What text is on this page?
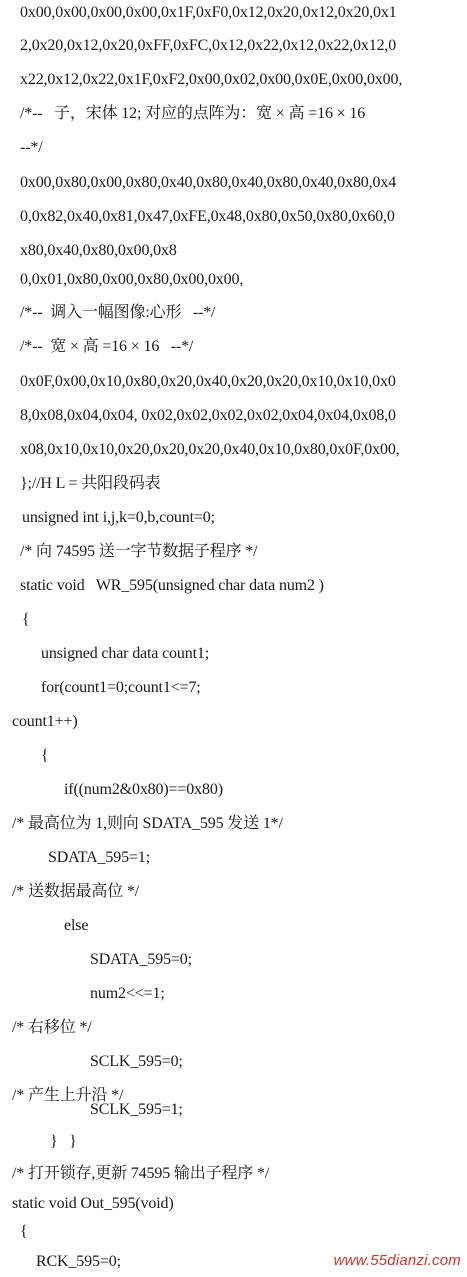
0x00,0x00,0x00,0x00,0x1F,0xF0,0x12,0x20,0x12,0x20,0x1
2,0x20,0x12,0x20,0xFF,0xFC,0x12,0x22,0x12,0x22,0x12,0
x22,0x12,0x22,0x1F,0xF2,0x00,0x02,0x00,0x0E,0x00,0x00,
/*--   子，宋体 12; 对应的点阵为：宽 × 高 =16 × 16
--*/
0x00,0x80,0x00,0x80,0x40,0x80,0x40,0x80,0x40,0x80,0x4
0,0x82,0x40,0x81,0x47,0xFE,0x48,0x80,0x50,0x80,0x60,0
x80,0x40,0x80,0x00,0x8
0,0x01,0x80,0x00,0x80,0x00,0x00,
/*--  调入一幅图像:心形   --*/
/*--  宽 × 高 =16 × 16   --*/
0x0F,0x00,0x10,0x80,0x20,0x40,0x20,0x20,0x10,0x10,0x0
8,0x08,0x04,0x04, 0x02,0x02,0x02,0x02,0x04,0x04,0x08,0
x08,0x10,0x10,0x20,0x20,0x20,0x40,0x10,0x80,0x0F,0x00,
};//H L = 共阳段码表
unsigned int i,j,k=0,b,count=0;
/* 向 74595 送一字节数据子程序 */
static void   WR_595(unsigned char data num2 )
{
unsigned char data count1;
for(count1=0;count1<=7;
count1++)
{
if((num2&0x80)==0x80)
/* 最高位为 1,则向 SDATA_595 发送 1*/
SDATA_595=1;
/* 送数据最高位 */
else
SDATA_595=0;
num2<<=1;
/* 右移位 */
SCLK_595=0;
/* 产生上升沿 */
SCLK_595=1;
}   }
/* 打开锁存,更新 74595 输出子程序 */
static void Out_595(void)
{
RCK_595=0;	www.55dianzi.com
